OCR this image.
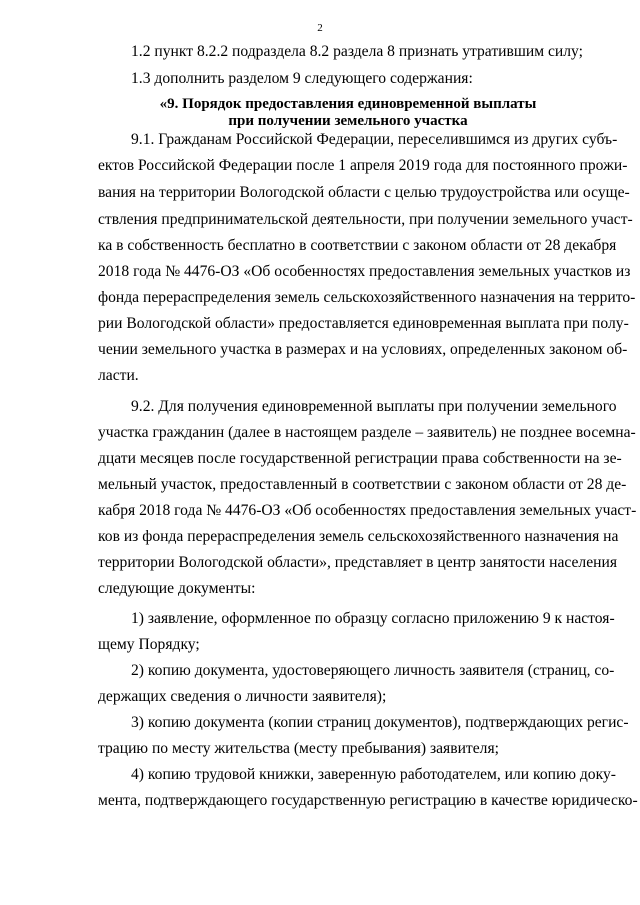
2
1.2 пункт 8.2.2 подраздела 8.2 раздела 8 признать утратившим силу;
1.3 дополнить разделом 9 следующего содержания:
«9. Порядок предоставления единовременной выплаты
при получении земельного участка
9.1. Гражданам Российской Федерации, переселившимся из других субъ-
ектов Российской Федерации после 1 апреля 2019 года для постоянного прожи-
вания на территории Вологодской области с целью трудоустройства или осуще-
ствления предпринимательской деятельности, при получении земельного участ-
ка в собственность бесплатно в соответствии с законом области от 28 декабря
2018 года № 4476-ОЗ «Об особенностях предоставления земельных участков из
фонда перераспределения земель сельскохозяйственного назначения на террито-
рии Вологодской области» предоставляется единовременная выплата при полу-
чении земельного участка в размерах и на условиях, определенных законом об-
ласти.
9.2. Для получения единовременной выплаты при получении земельного
участка гражданин (далее в настоящем разделе – заявитель) не позднее восемна-
дцати месяцев после государственной регистрации права собственности на зе-
мельный участок, предоставленный в соответствии с законом области от 28 де-
кабря 2018 года № 4476-ОЗ «Об особенностях предоставления земельных участ-
ков из фонда перераспределения земель сельскохозяйственного назначения на
территории Вологодской области», представляет в центр занятости населения
следующие документы:
1) заявление, оформленное по образцу согласно приложению 9 к настоя-
щему Порядку;
2) копию документа, удостоверяющего личность заявителя (страниц, со-
держащих сведения о личности заявителя);
3) копию документа (копии страниц документов), подтверждающих регис-
трацию по месту жительства (месту пребывания) заявителя;
4) копию трудовой книжки, заверенную работодателем, или копию доку-
мента, подтверждающего государственную регистрацию в качестве юридическо-
